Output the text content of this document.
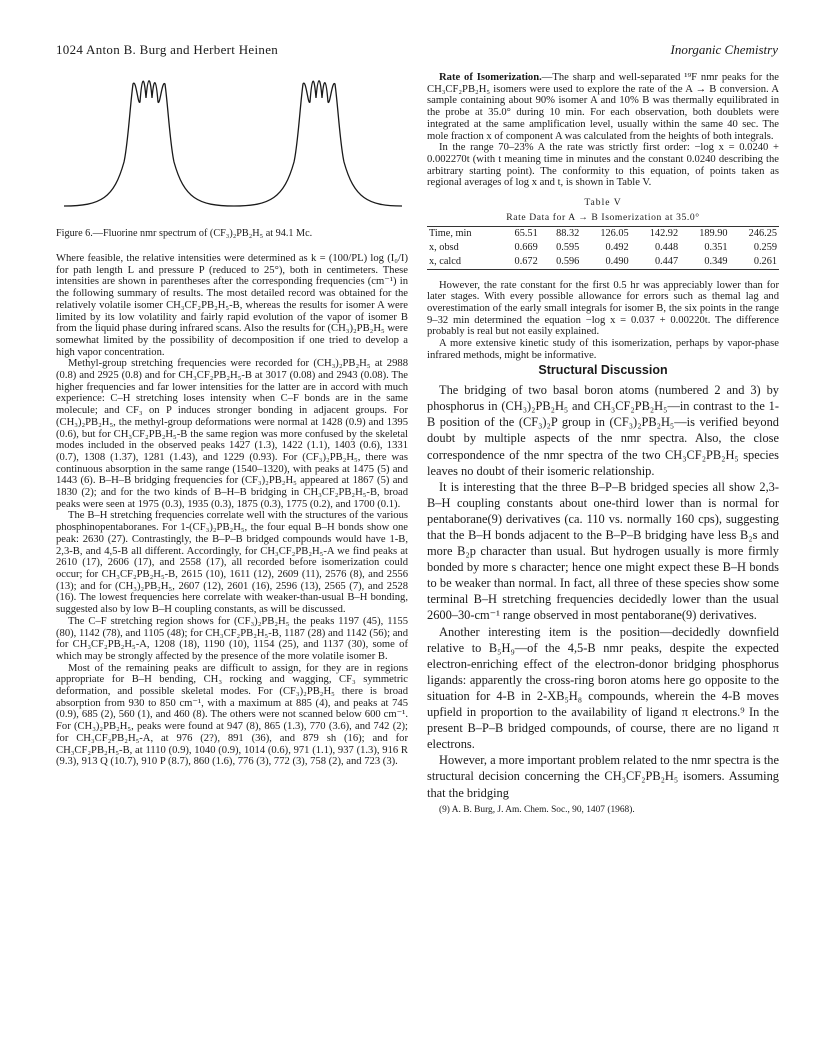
1024 Anton B. Burg and Herbert Heinen	Inorganic Chemistry
Figure 6.—Fluorine nmr spectrum of (CF₃)₂PB₂H₅ at 94.1 Mc.

Where feasible, the relative intensities were determined as k = (100/PL) log (I₀/I) for path length L and pressure P (reduced to 25°), both in centimeters. These intensities are shown in parentheses after the corresponding frequencies (cm⁻¹) in the following summary of results. The most detailed record was obtained for the relatively volatile isomer CH₃CF₂PB₂H₅-B, whereas the results for isomer A were limited by its low volatility and fairly rapid evolution of the vapor of isomer B from the liquid phase during infrared scans. Also the results for (CH₃)₂PB₂H₅ were somewhat limited by the possibility of decomposition if one tried to develop a high vapor concentration.

Methyl-group stretching frequencies were recorded for (CH₃)₂PB₂H₅ at 2988 (0.8) and 2925 (0.8) and for CH₃CF₂PB₂H₅-B at 3017 (0.08) and 2943 (0.08). The higher frequencies and far lower intensities for the latter are in accord with much experience: C–H stretching loses intensity when C–F bonds are in the same molecule; and CF₃ on P induces stronger bonding in adjacent groups. For (CH₃)₂PB₂H₅, the methyl-group deformations were normal at 1428 (0.9) and 1395 (0.6), but for CH₃CF₂PB₂H₅-B the same region was more confused by the skeletal modes included in the observed peaks 1427 (1.3), 1422 (1.1), 1403 (0.6), 1331 (0.7), 1308 (1.37), 1281 (1.43), and 1229 (0.93). For (CF₃)₂PB₂H₅, there was continuous absorption in the same range (1540–1320), with peaks at 1475 (5) and 1443 (6). B–H–B bridging frequencies for (CF₃)₂PB₂H₅ appeared at 1867 (5) and 1830 (2); and for the two kinds of B–H–B bridging in CH₃CF₂PB₂H₅-B, broad peaks were seen at 1975 (0.3), 1935 (0.3), 1875 (0.3), 1775 (0.2), and 1700 (0.1).

The B–H stretching frequencies correlate well with the structures of the various phosphinopentaboranes. For 1-(CF₃)₂PB₂H₅, the four equal B–H bonds show one peak: 2630 (27). Contrastingly, the B–P–B bridged compounds would have 1-B, 2,3-B, and 4,5-B all different. Accordingly, for CH₃CF₂PB₂H₅-A we find peaks at 2610 (17), 2606 (17), and 2558 (17), all recorded before isomerization could occur; for CH₃CF₂PB₂H₅-B, 2615 (10), 1611 (12), 2609 (11), 2576 (8), and 2556 (13); and for (CH₃)₂PB₂H₅, 2607 (12), 2601 (16), 2596 (13), 2565 (7), and 2528 (16). The lowest frequencies here correlate with weaker-than-usual B–H bonding, suggested also by low B–H coupling constants, as will be discussed.

The C–F stretching region shows for (CF₃)₂PB₂H₅ the peaks 1197 (45), 1155 (80), 1142 (78), and 1105 (48); for CH₃CF₂PB₂H₅-B, 1187 (28) and 1142 (56); and for CH₃CF₂PB₂H₅-A, 1208 (18), 1190 (10), 1154 (25), and 1137 (30), some of which may be strongly affected by the presence of the more volatile isomer B.

Most of the remaining peaks are difficult to assign, for they are in regions appropriate for B–H bending, CH₃ rocking and wagging, CF₃ symmetric deformation, and possible skeletal modes. For (CF₃)₂PB₂H₅ there is broad absorption from 930 to 850 cm⁻¹, with a maximum at 885 (4), and peaks at 745 (0.9), 685 (2), 560 (1), and 460 (8). The others were not scanned below 600 cm⁻¹. For (CH₃)₂PB₂H₅, peaks were found at 947 (8), 865 (1.3), 770 (3.6), and 742 (2); for CH₃CF₂PB₂H₅-A, at 976 (2?), 891 (36), and 879 sh (16); and for CH₃CF₂PB₂H₅-B, at 1110 (0.9), 1040 (0.9), 1014 (0.6), 971 (1.1), 937 (1.3), 916 R (9.3), 913 Q (10.7), 910 P (8.7), 860 (1.6), 776 (3), 772 (3), 758 (2), and 723 (3).

Rate of Isomerization.—The sharp and well-separated ¹⁹F nmr peaks for the CH₃CF₂PB₂H₅ isomers were used to explore the rate of the A → B conversion. A sample containing about 90% isomer A and 10% B was thermally equilibrated in the probe at 35.0° during 10 min. For each observation, both doublets were integrated at the same amplification level, usually within the same 40 sec. The mole fraction x of component A was calculated from the heights of both integrals.

In the range 70–23% A the rate was strictly first order: −log x = 0.0240 + 0.002270t (with t meaning time in minutes and the constant 0.0240 describing the arbitrary starting point). The conformity to this equation, of points taken as regional averages of log x and t, is shown in Table V.

Table V
Rate Data for A → B Isomerization at 35.0°
Time, min	65.51	88.32	126.05	142.92	189.90	246.25
x, obsd	0.669	0.595	0.492	0.448	0.351	0.259
x, calcd	0.672	0.596	0.490	0.447	0.349	0.261

However, the rate constant for the first 0.5 hr was appreciably lower than for later stages. With every possible allowance for errors such as themal lag and overestimation of the early small integrals for isomer B, the six points in the range 9–32 min determined the equation −log x = 0.037 + 0.00220t. The difference probably is real but not easily explained.

A more extensive kinetic study of this isomerization, perhaps by vapor-phase infrared methods, might be informative.

Structural Discussion

The bridging of two basal boron atoms (numbered 2 and 3) by phosphorus in (CH₃)₂PB₂H₅ and CH₃CF₂PB₂H₅—in contrast to the 1-B position of the (CF₃)₂P group in (CF₃)₂PB₂H₅—is verified beyond doubt by multiple aspects of the nmr spectra. Also, the close correspondence of the nmr spectra of the two CH₃CF₂PB₂H₅ species leaves no doubt of their isomeric relationship.

It is interesting that the three B–P–B bridged species all show 2,3-B–H coupling constants about one-third lower than is normal for pentaborane(9) derivatives (ca. 110 vs. normally 160 cps), suggesting that the B–H bonds adjacent to the B–P–B bridging have less B₂s and more B₂p character than usual. But hydrogen usually is more firmly bonded by more s character; hence one might expect these B–H bonds to be weaker than normal. In fact, all three of these species show some terminal B–H stretching frequencies decidedly lower than the usual 2600–30-cm⁻¹ range observed in most pentaborane(9) derivatives.

Another interesting item is the position—decidedly downfield relative to B₅H₉—of the 4,5-B nmr peaks, despite the expected electron-enriching effect of the electron-donor bridging phosphorus ligands: apparently the cross-ring boron atoms here go opposite to the situation for 4-B in 2-XB₅H₈ compounds, wherein the 4-B moves upfield in proportion to the availability of ligand π electrons.⁹ In the present B–P–B bridged compounds, of course, there are no ligand π electrons.

However, a more important problem related to the nmr spectra is the structural decision concerning the CH₃CF₂PB₂H₅ isomers. Assuming that the bridging

(9) A. B. Burg, J. Am. Chem. Soc., 90, 1407 (1968).
